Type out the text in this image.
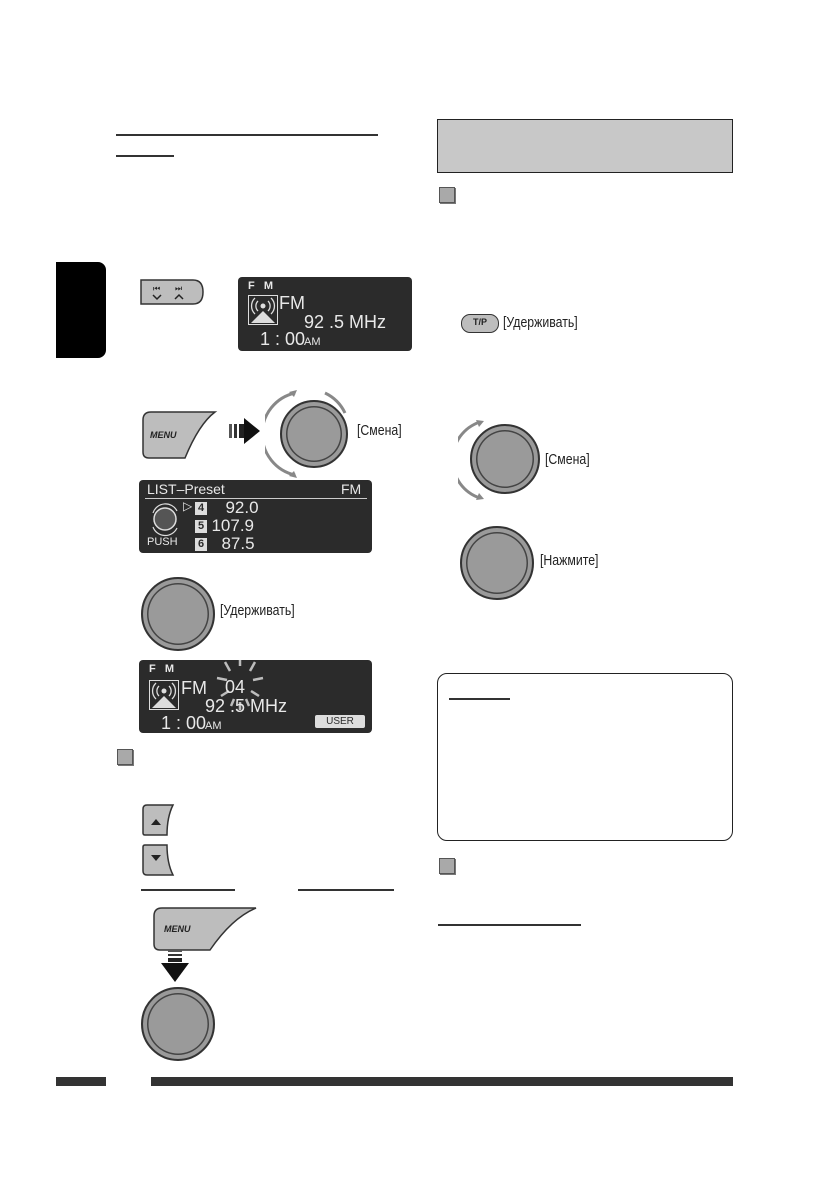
⏮ ⏭	F   M
FM
92 .5 MHz
1 : 00
AM
MENU	[Смена]
LIST–Preset	FM
PUSH
▷ 4 92.0
5 107.9
6 87.5
[Удерживать]
F   M
FM 04
92 .5 MHz
1 : 00
AM	USER
MENU
T/P	[Удерживать]
[Смена]
[Нажмите]
